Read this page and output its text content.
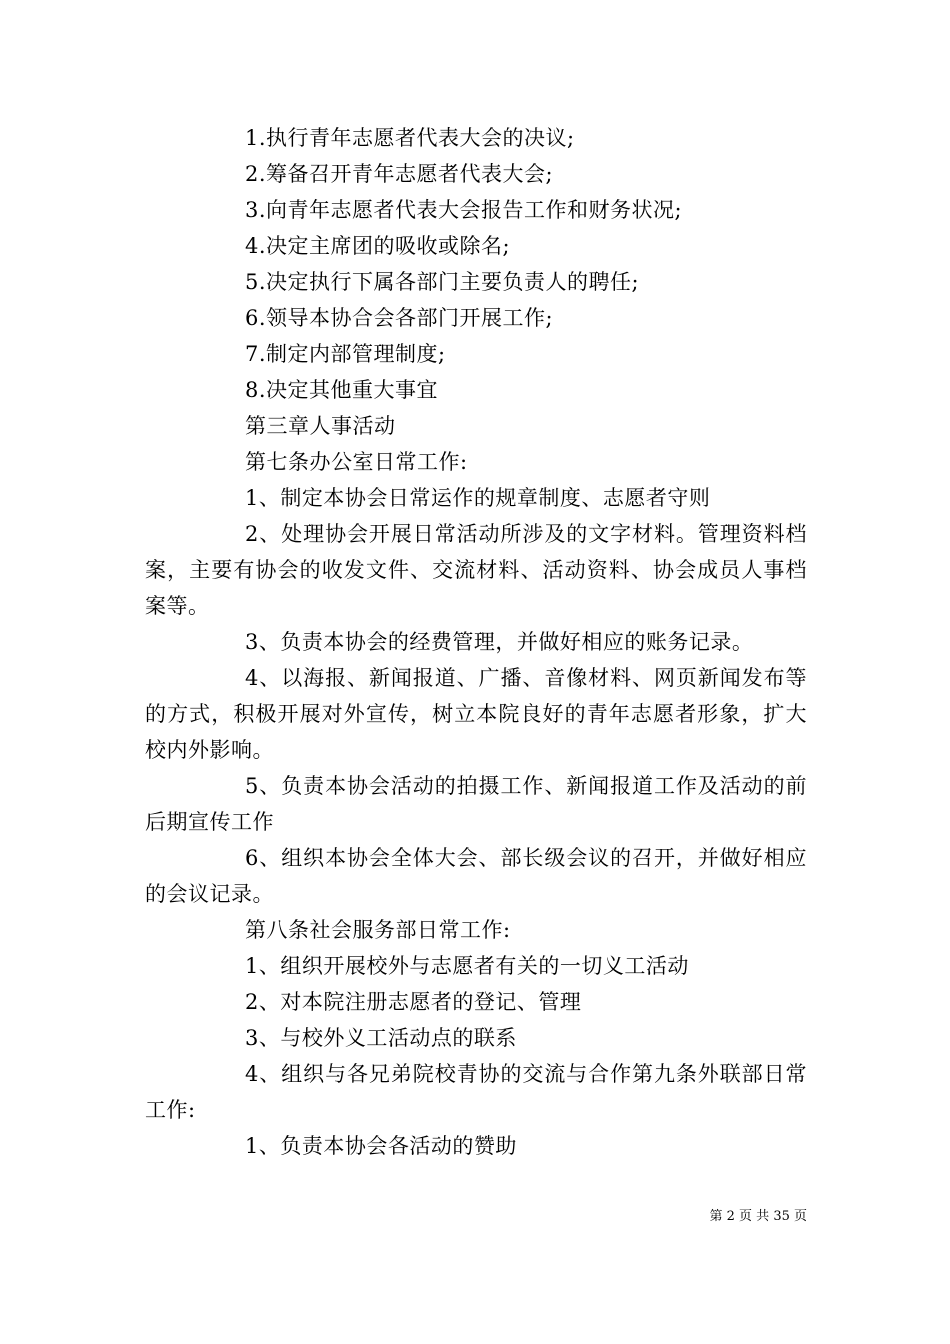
1.执行青年志愿者代表大会的决议;

2.筹备召开青年志愿者代表大会;

3.向青年志愿者代表大会报告工作和财务状况;

4.决定主席团的吸收或除名;

5.决定执行下属各部门主要负责人的聘任;

6.领导本协合会各部门开展工作;

7.制定内部管理制度;

8.决定其他重大事宜

第三章人事活动

第七条办公室日常工作:

1、制定本协会日常运作的规章制度、志愿者守则

2、处理协会开展日常活动所涉及的文字材料。管理资料档案，主要有协会的收发文件、交流材料、活动资料、协会成员人事档案等。

3、负责本协会的经费管理，并做好相应的账务记录。

4、以海报、新闻报道、广播、音像材料、网页新闻发布等的方式，积极开展对外宣传，树立本院良好的青年志愿者形象，扩大校内外影响。

5、负责本协会活动的拍摄工作、新闻报道工作及活动的前后期宣传工作

6、组织本协会全体大会、部长级会议的召开，并做好相应的会议记录。

第八条社会服务部日常工作:

1、组织开展校外与志愿者有关的一切义工活动

2、对本院注册志愿者的登记、管理

3、与校外义工活动点的联系

4、组织与各兄弟院校青协的交流与合作第九条外联部日常工作:

1、负责本协会各活动的赞助

第 2 页 共 35 页
